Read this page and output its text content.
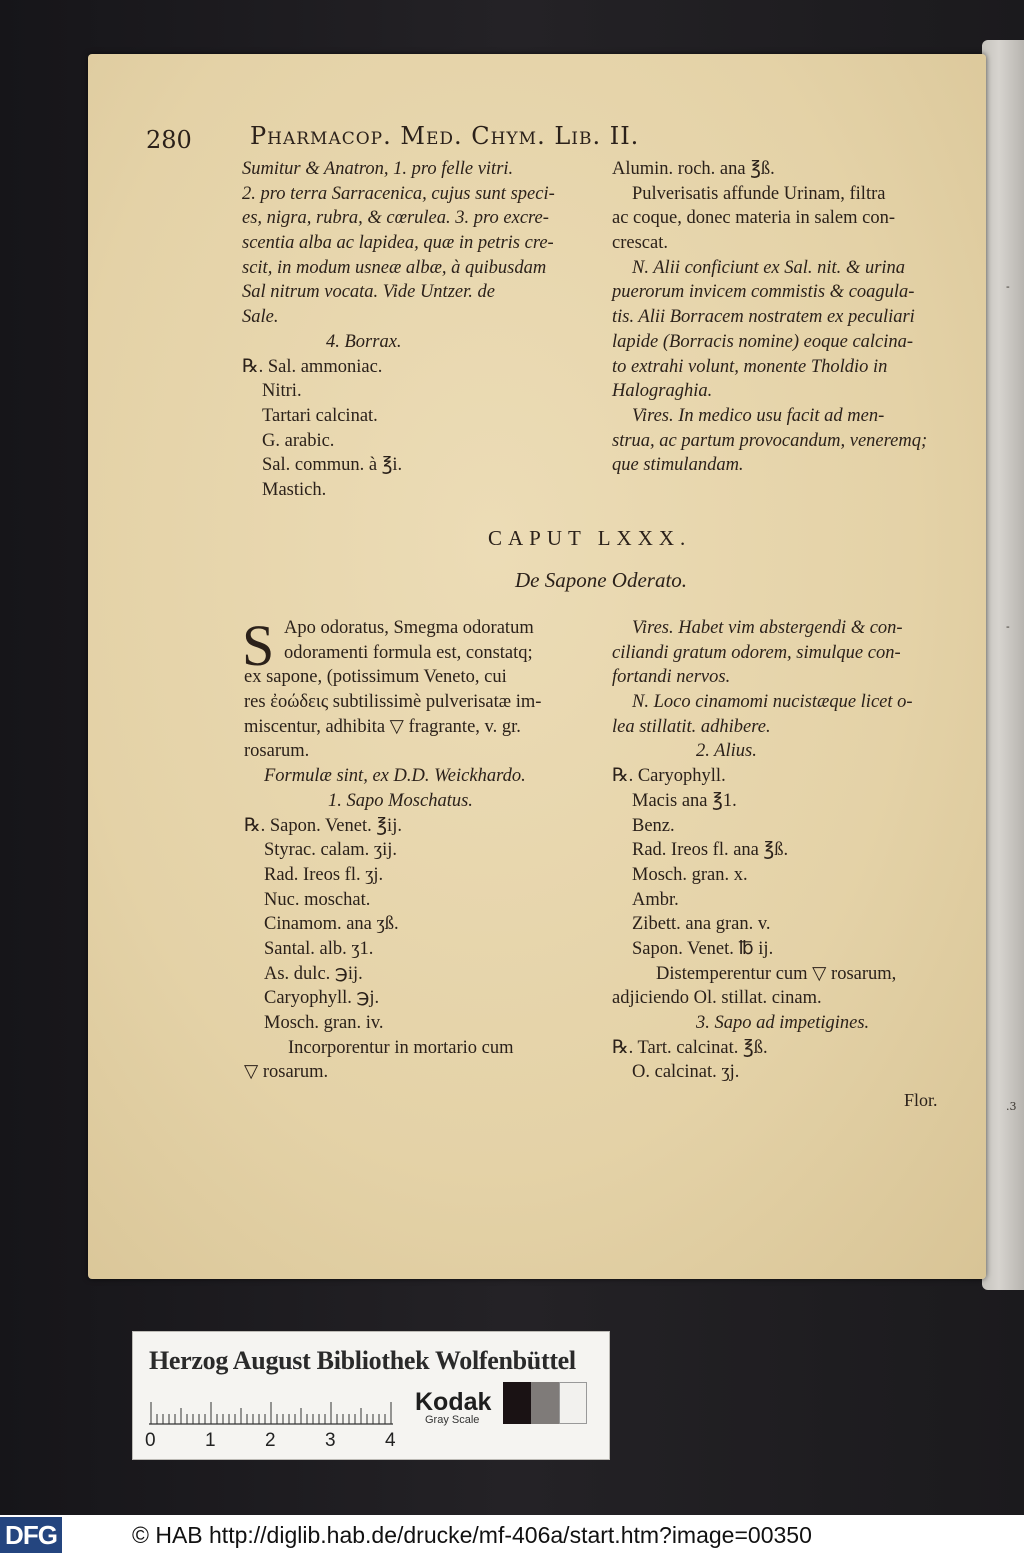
-
-
.3
280 Pharmacop. Med. Chym. Lib. II.
Sumitur & Anatron, 1. pro felle vitri.
2. pro terra Sarracenica, cujus sunt speci-
es, nigra, rubra, & cœrulea. 3. pro excre-
scentia alba ac lapidea, quæ in petris cre-
scit, in modum usneæ albæ, à quibusdam
Sal nitrum vocata. Vide Untzer. de
Sale.
4. Borrax.
℞. Sal. ammoniac.
Nitri.
Tartari calcinat.
G. arabic.
Sal. commun. à ℥i.
Mastich.
Alumin. roch. ana ℥ß.
Pulverisatis affunde Urinam, filtra
ac coque, donec materia in salem con-
crescat.
N. Alii conficiunt ex Sal. nit. & urina
puerorum invicem commistis & coagula-
tis. Alii Borracem nostratem ex peculiari
lapide (Borracis nomine) eoque calcina-
to extrahi volunt, monente Tholdio in
Halograghia.
Vires. In medico usu facit ad men-
strua, ac partum provocandum, veneremq;
que stimulandam.
CAPUT LXXX.
De Sapone Oderato.
S Apo odoratus, Smegma odoratum
odoramenti formula est, constatq;
ex sapone, (potissimum Veneto, cui
res ἐοώδεις subtilissimè pulverisatæ im-
miscentur, adhibita ▽ fragrante, v. gr.
rosarum.
Formulæ sint, ex D.D. Weickhardo.
1. Sapo Moschatus.
℞. Sapon. Venet. ℥ij.
Styrac. calam. ʒij.
Rad. Ireos fl. ʒj.
Nuc. moschat.
Cinamom. ana ʒß.
Santal. alb. ʒ1.
As. dulc. ℈ij.
Caryophyll. ℈j.
Mosch. gran. iv.
Incorporentur in mortario cum
▽ rosarum.
Vires. Habet vim abstergendi & con-
ciliandi gratum odorem, simulque con-
fortandi nervos.
N. Loco cinamomi nucistæque licet o-
lea stillatit. adhibere.
2. Alius.
℞. Caryophyll.
Macis ana ℥1.
Benz.
Rad. Ireos fl. ana ℥ß.
Mosch. gran. x.
Ambr.
Zibett. ana gran. v.
Sapon. Venet. ℔ ij.
Distemperentur cum ▽ rosarum,
adjiciendo Ol. stillat. cinam.
3. Sapo ad impetigines.
℞. Tart. calcinat. ℥ß.
O. calcinat. ʒj.
Flor.
Herzog August Bibliothek Wolfenbüttel
0	1	2	3	4
Kodak
Gray Scale
DFG	© HAB http://diglib.hab.de/drucke/mf-406a/start.htm?image=00350
